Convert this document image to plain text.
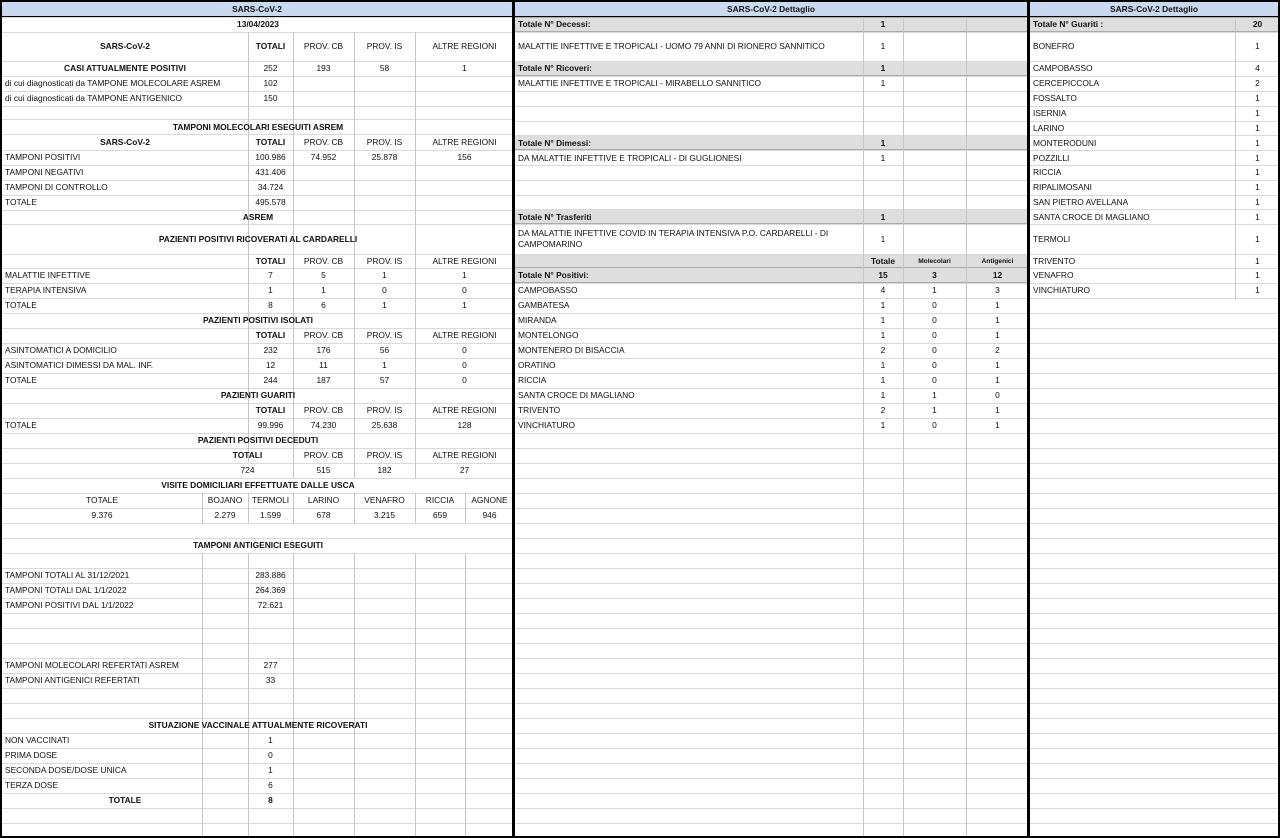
SARS-CoV-2
13/04/2023
SARS-CoV-2	TOTALI	PROV. CB	PROV. IS	ALTRE REGIONI
CASI ATTUALMENTE POSITIVI	252	193	58	1
di cui diagnosticati da TAMPONE MOLECOLARE ASREM	102
di cui diagnosticati da TAMPONE ANTIGENICO	150
TAMPONI MOLECOLARI ESEGUITI ASREM
SARS-CoV-2	TOTALI	PROV. CB	PROV. IS	ALTRE REGIONI
TAMPONI POSITIVI	100.986	74.952	25.878	156
TAMPONI NEGATIVI	431.406
TAMPONI DI CONTROLLO	34.724
TOTALE	495.578
ASREM
PAZIENTI POSITIVI RICOVERATI AL CARDARELLI
TOTALI	PROV. CB	PROV. IS	ALTRE REGIONI
MALATTIE INFETTIVE	7	5	1	1
TERAPIA INTENSIVA	1	1	0	0
TOTALE	8	6	1	1
PAZIENTI POSITIVI ISOLATI
TOTALI	PROV. CB	PROV. IS	ALTRE REGIONI
ASINTOMATICI A DOMICILIO	232	176	56	0
ASINTOMATICI DIMESSI DA MAL. INF.	12	11	1	0
TOTALE	244	187	57	0
PAZIENTI GUARITI
TOTALI	PROV. CB	PROV. IS	ALTRE REGIONI
TOTALE	99.996	74.230	25.638	128
PAZIENTI POSITIVI DECEDUTI
TOTALI	PROV. CB	PROV. IS	ALTRE REGIONI
724	515	182	27
VISITE DOMICILIARI EFFETTUATE DALLE USCA
TOTALE	BOJANO	TERMOLI	LARINO	VENAFRO	RICCIA	AGNONE
9.376	2.279	1.599	678	3.215	659	946
TAMPONI ANTIGENICI ESEGUITI
TAMPONI TOTALI AL 31/12/2021	283.886
TAMPONI TOTALI DAL 1/1/2022	264.369
TAMPONI POSITIVI DAL 1/1/2022	72.621
TAMPONI MOLECOLARI REFERTATI ASREM	277
TAMPONI ANTIGENICI REFERTATI	33
SITUAZIONE VACCINALE ATTUALMENTE RICOVERATI
NON VACCINATI	1
PRIMA DOSE	0
SECONDA DOSE/DOSE UNICA	1
TERZA DOSE	6
TOTALE	8
SARS-CoV-2 Dettaglio
Totale N° Decessi:	1
MALATTIE INFETTIVE E TROPICALI - UOMO 79 ANNI DI RIONERO SANNITICO	1
Totale N° Ricoveri:	1
MALATTIE INFETTIVE E TROPICALI - MIRABELLO SANNITICO	1
Totale N° Dimessi:	1
DA MALATTIE INFETTIVE E TROPICALI - DI GUGLIONESI	1
Totale N° Trasferiti	1
DA MALATTIE INFETTIVE COVID IN TERAPIA INTENSIVA P.O. CARDARELLI - DI CAMPOMARINO	1
Totale	Molecolari	Antigenici
Totale N° Positivi:	15	3	12
CAMPOBASSO	4	1	3
GAMBATESA	1	0	1
MIRANDA	1	0	1
MONTELONGO	1	0	1
MONTENERO DI BISACCIA	2	0	2
ORATINO	1	0	1
RICCIA	1	0	1
SANTA CROCE DI MAGLIANO	1	1	0
TRIVENTO	2	1	1
VINCHIATURO	1	0	1
SARS-CoV-2 Dettaglio
Totale N° Guariti :	20
BONEFRO	1
CAMPOBASSO	4
CERCEPICCOLA	2
FOSSALTO	1
ISERNIA	1
LARINO	1
MONTERODUNI	1
POZZILLI	1
RICCIA	1
RIPALIMOSANI	1
SAN PIETRO AVELLANA	1
SANTA CROCE DI MAGLIANO	1
TERMOLI	1
TRIVENTO	1
VENAFRO	1
VINCHIATURO	1
